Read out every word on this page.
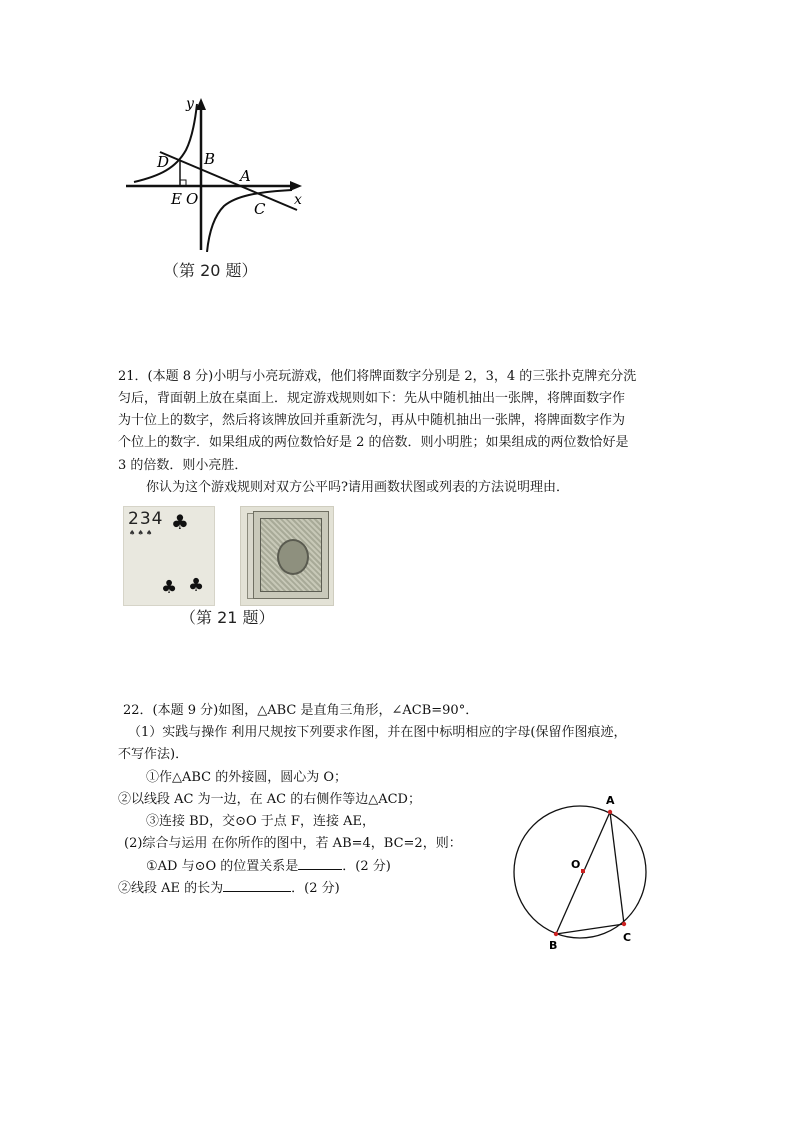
y
x
D B
A
C
E O
（第 20 题）
21．(本题 8 分)小明与小亮玩游戏，他们将牌面数字分别是 2，3，4 的三张扑克牌充分洗
匀后，背面朝上放在桌面上．规定游戏规则如下：先从中随机抽出一张牌，将牌面数字作
为十位上的数字，然后将该牌放回并重新洗匀，再从中随机抽出一张牌，将牌面数字作为
个位上的数字．如果组成的两位数恰好是 2 的倍数．则小明胜；如果组成的两位数恰好是
3 的倍数．则小亮胜．
你认为这个游戏规则对双方公平吗?请用画数状图或列表的方法说明理由．
234 ♣
♠ ♠ ♠
♣ ♣
（第 21 题）
22．(本题 9 分)如图，△ABC 是直角三角形，∠ACB=90°．
（1）实践与操作 利用尺规按下列要求作图，并在图中标明相应的字母(保留作图痕迹，
不写作法)．
①作△ABC 的外接圆，圆心为 O；
②以线段 AC 为一边，在 AC 的右侧作等边△ACD；
③连接 BD，交⊙O 于点 F，连接 AE，
(2)综合与运用 在你所作的图中，若 AB=4，BC=2，则：
①AD 与⊙O 的位置关系是	．(2 分)
②线段 AE 的长为	．(2 分)
A
O
B
C
